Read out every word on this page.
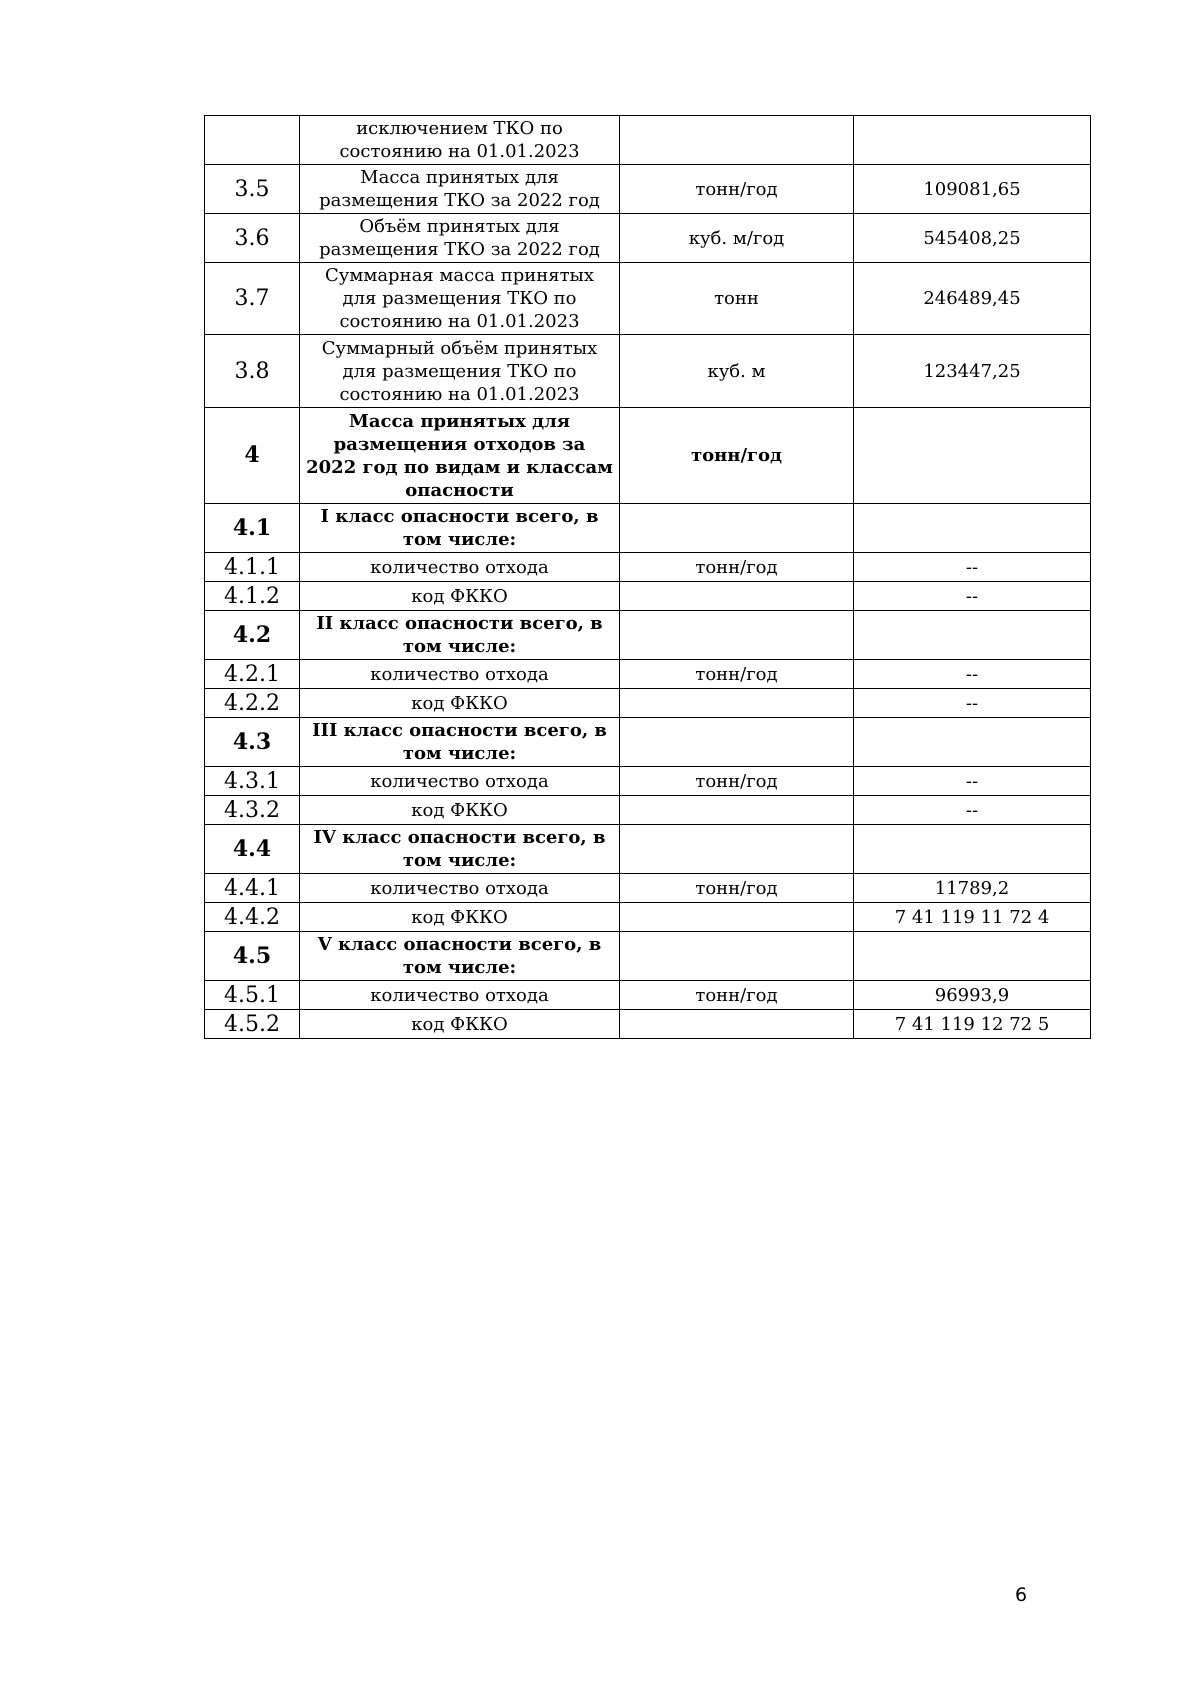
	исключением ТКО по состоянию на 01.01.2023		
3.5	Масса принятых для размещения ТКО за 2022 год	тонн/год	109081,65
3.6	Объём принятых для размещения ТКО за 2022 год	куб. м/год	545408,25
3.7	Суммарная масса принятых для размещения ТКО по состоянию на 01.01.2023	тонн	246489,45
3.8	Суммарный объём принятых для размещения ТКО по состоянию на 01.01.2023	куб. м	123447,25
4	Масса принятых для размещения отходов за 2022 год по видам и классам опасности	тонн/год	
4.1	I класс опасности всего, в том числе:		
4.1.1	количество отхода	тонн/год	--
4.1.2	код ФККО		--
4.2	II класс опасности всего, в том числе:		
4.2.1	количество отхода	тонн/год	--
4.2.2	код ФККО		--
4.3	III класс опасности всего, в том числе:		
4.3.1	количество отхода	тонн/год	--
4.3.2	код ФККО		--
4.4	IV класс опасности всего, в том числе:		
4.4.1	количество отхода	тонн/год	11789,2
4.4.2	код ФККО		7 41 119 11 72 4
4.5	V класс опасности всего, в том числе:		
4.5.1	количество отхода	тонн/год	96993,9
4.5.2	код ФККО		7 41 119 12 72 5
6
